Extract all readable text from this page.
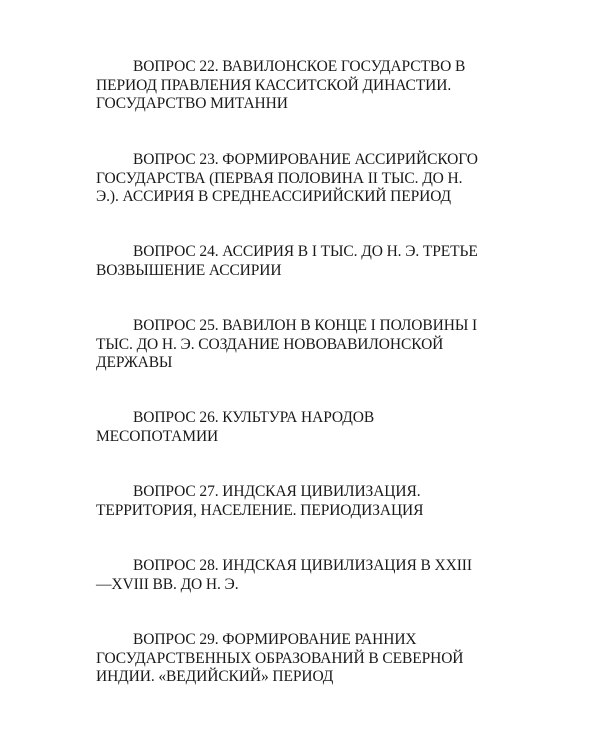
ВОПРОС 22. ВАВИЛОНСКОЕ ГОСУДАРСТВО В ПЕРИОД ПРАВЛЕНИЯ КАССИТСКОЙ ДИНАСТИИ. ГОСУДАРСТВО МИТАННИ
ВОПРОС 23. ФОРМИРОВАНИЕ АССИРИЙСКОГО ГОСУДАРСТВА (ПЕРВАЯ ПОЛОВИНА II ТЫС. ДО Н. Э.). АССИРИЯ В СРЕДНЕАССИРИЙСКИЙ ПЕРИОД
ВОПРОС 24. АССИРИЯ В I ТЫС. ДО Н. Э. ТРЕТЬЕ ВОЗВЫШЕНИЕ АССИРИИ
ВОПРОС 25. ВАВИЛОН В КОНЦЕ I ПОЛОВИНЫ I ТЫС. ДО Н. Э. СОЗДАНИЕ НОВОВАВИЛОНСКОЙ ДЕРЖАВЫ
ВОПРОС 26. КУЛЬТУРА НАРОДОВ МЕСОПОТАМИИ
ВОПРОС 27. ИНДСКАЯ ЦИВИЛИЗАЦИЯ. ТЕРРИТОРИЯ, НАСЕЛЕНИЕ. ПЕРИОДИЗАЦИЯ
ВОПРОС 28. ИНДСКАЯ ЦИВИЛИЗАЦИЯ В XXIII—XVIII ВВ. ДО Н. Э.
ВОПРОС 29. ФОРМИРОВАНИЕ РАННИХ ГОСУДАРСТВЕННЫХ ОБРАЗОВАНИЙ В СЕВЕРНОЙ ИНДИИ. «ВЕДИЙСКИЙ» ПЕРИОД
